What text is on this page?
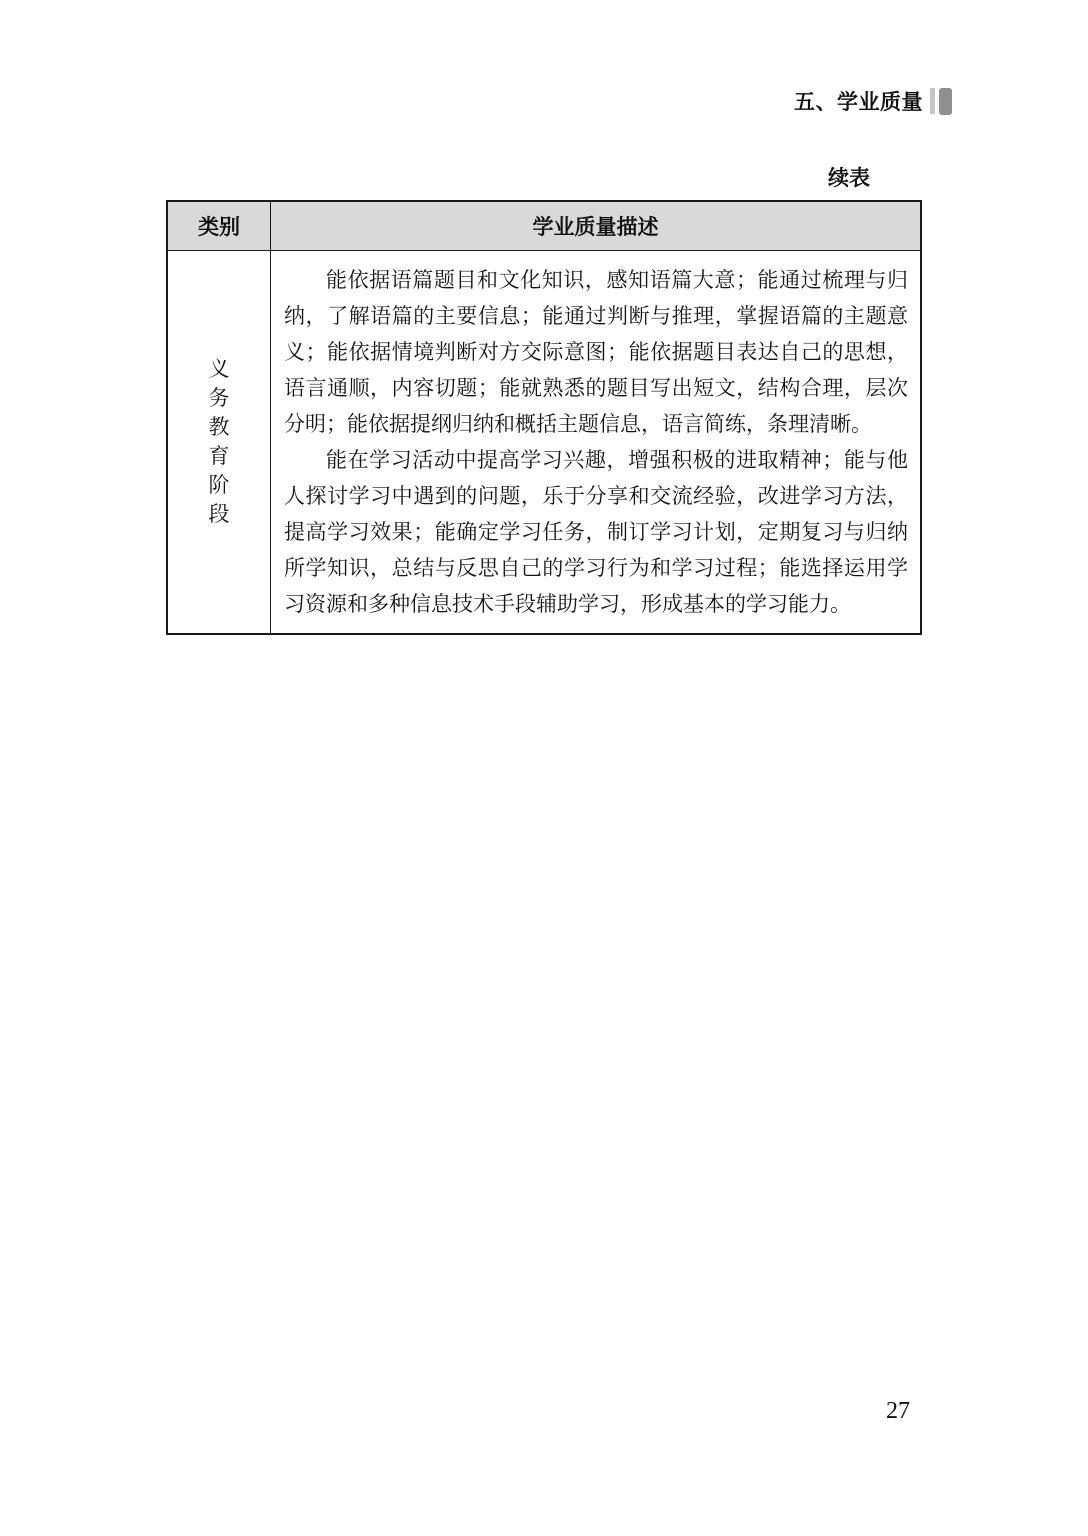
五、学业质量
续表
类别	学业质量描述
义务教育阶段

能依据语篇题目和文化知识，感知语篇大意；能通过梳理与归纳，了解语篇的主要信息；能通过判断与推理，掌握语篇的主题意义；能依据情境判断对方交际意图；能依据题目表达自己的思想，语言通顺，内容切题；能就熟悉的题目写出短文，结构合理，层次分明；能依据提纲归纳和概括主题信息，语言简练，条理清晰。

能在学习活动中提高学习兴趣，增强积极的进取精神；能与他人探讨学习中遇到的问题，乐于分享和交流经验，改进学习方法，提高学习效果；能确定学习任务，制订学习计划，定期复习与归纳所学知识，总结与反思自己的学习行为和学习过程；能选择运用学习资源和多种信息技术手段辅助学习，形成基本的学习能力。

27
